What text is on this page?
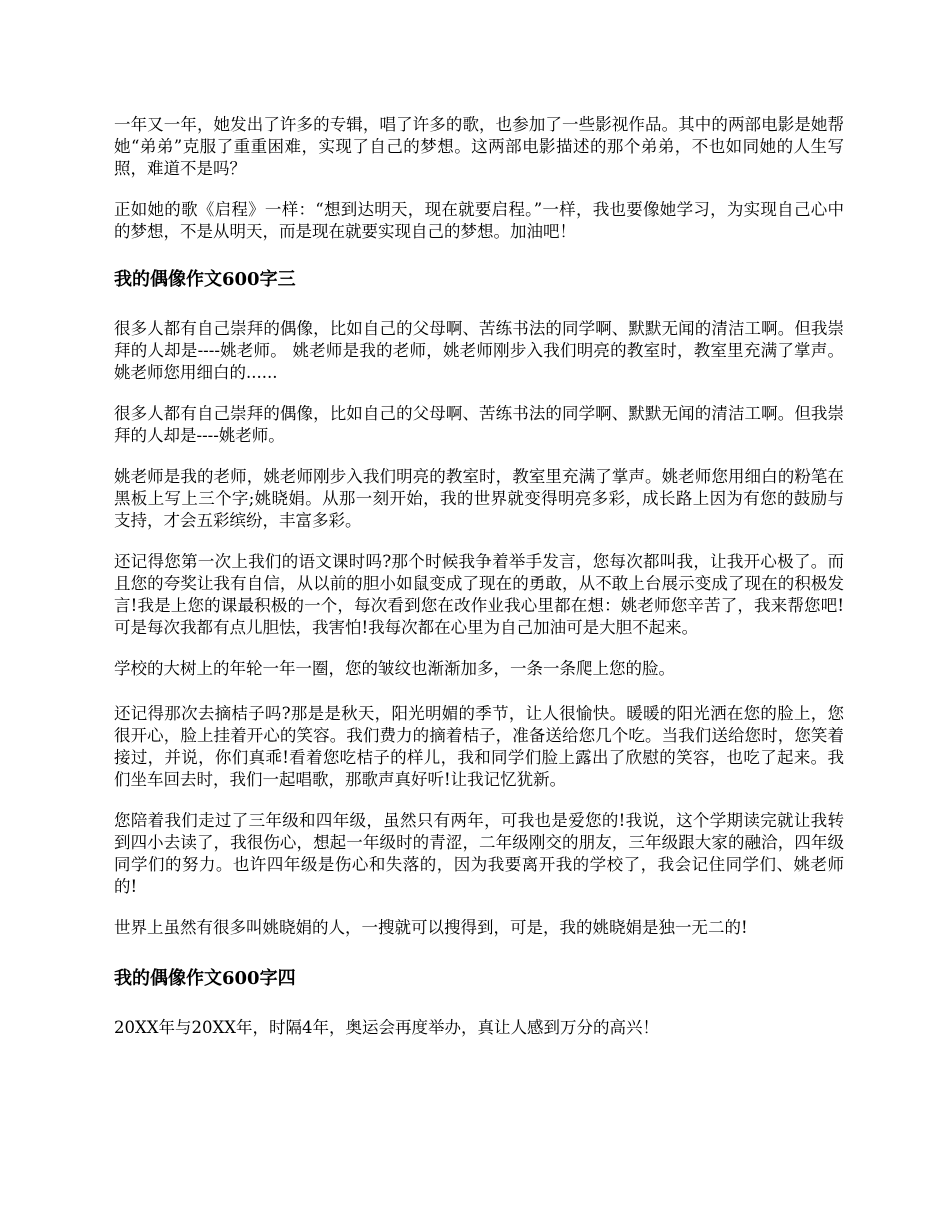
一年又一年，她发出了许多的专辑，唱了许多的歌，也参加了一些影视作品。其中的两部电影是她帮她“弟弟”克服了重重困难，实现了自己的梦想。这两部电影描述的那个弟弟，不也如同她的人生写照，难道不是吗？

正如她的歌《启程》一样：“想到达明天，现在就要启程。”一样，我也要像她学习，为实现自己心中的梦想，不是从明天，而是现在就要实现自己的梦想。加油吧！

我的偶像作文600字三

很多人都有自己崇拜的偶像，比如自己的父母啊、苦练书法的同学啊、默默无闻的清洁工啊。但我崇拜的人却是----姚老师。 姚老师是我的老师，姚老师刚步入我们明亮的教室时，教室里充满了掌声。姚老师您用细白的......

很多人都有自己崇拜的偶像，比如自己的父母啊、苦练书法的同学啊、默默无闻的清洁工啊。但我崇拜的人却是----姚老师。

姚老师是我的老师，姚老师刚步入我们明亮的教室时，教室里充满了掌声。姚老师您用细白的粉笔在黑板上写上三个字;姚晓娟。从那一刻开始，我的世界就变得明亮多彩，成长路上因为有您的鼓励与支持，才会五彩缤纷，丰富多彩。

还记得您第一次上我们的语文课时吗?那个时候我争着举手发言，您每次都叫我，让我开心极了。而且您的夸奖让我有自信，从以前的胆小如鼠变成了现在的勇敢，从不敢上台展示变成了现在的积极发言!我是上您的课最积极的一个，每次看到您在改作业我心里都在想：姚老师您辛苦了，我来帮您吧!可是每次我都有点儿胆怯，我害怕!我每次都在心里为自己加油可是大胆不起来。

学校的大树上的年轮一年一圈，您的皱纹也渐渐加多，一条一条爬上您的脸。

还记得那次去摘桔子吗?那是是秋天，阳光明媚的季节，让人很愉快。暖暖的阳光洒在您的脸上，您很开心，脸上挂着开心的笑容。我们费力的摘着桔子，准备送给您几个吃。当我们送给您时，您笑着接过，并说，你们真乖!看着您吃桔子的样儿，我和同学们脸上露出了欣慰的笑容，也吃了起来。我们坐车回去时，我们一起唱歌，那歌声真好听!让我记忆犹新。

您陪着我们走过了三年级和四年级，虽然只有两年，可我也是爱您的!我说，这个学期读完就让我转到四小去读了，我很伤心，想起一年级时的青涩，二年级刚交的朋友，三年级跟大家的融洽，四年级同学们的努力。也许四年级是伤心和失落的，因为我要离开我的学校了，我会记住同学们、姚老师的!

世界上虽然有很多叫姚晓娟的人，一搜就可以搜得到，可是，我的姚晓娟是独一无二的!

我的偶像作文600字四

20XX年与20XX年，时隔4年，奥运会再度举办，真让人感到万分的高兴！
